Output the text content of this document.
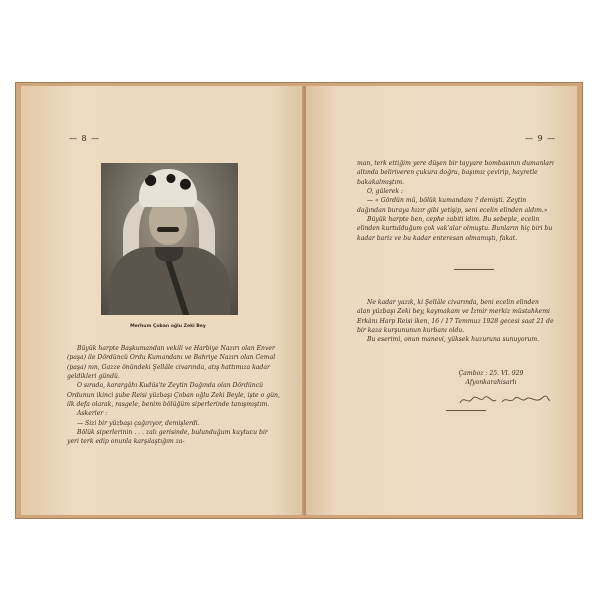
— 8 —
Merhum Çoban oğlu Zeki Bey

Büyük harpte Başkumandan vekili ve Harbiye Nazırı olan Enver (paşa) ile Dördüncü Ordu Kumandanı ve Bahriye Nazırı olan Cemal (paşa) nın, Gazze önündeki Şellâle civarında, atış hattımıza kadar geldikleri gündü.

O sırada, karargâhı Kudüs'te Zeytin Dağında olan Dördüncü Ordunun ikinci şube Reisi yüzbaşı Çoban oğlu Zeki Beyle, işte o gün, ilk defa olarak, rasgele, benim bölüğüm siperlerinde tanışmıştım.

Askerler :

— Sizi bir yüzbaşı çağırıyor, demişlerdi.

Bölük siperlerinin . . . zalı gerisinde, bulunduğum kuytucu bir yeri terk edip onunla karşılaştığım za-

— 9 —

man, terk ettiğim yere düşen bir tayyare bombasının dumanları altında beliriveren çukura doğru, başımız çevirip, hayretle bakakalmıştım.

O, gülerek :

— « Gördün mü, bölük kumandanı ? demişti. Zeytin dağından buraya hızır gibi yetişip, seni ecelin elinden aldım.»

Büyük harpte ben, cephe zabiti idim. Bu sebeple, ecelin elinden kurtulduğum çok vak'alar olmuştu. Bunların hiç biri bu kadar bariz ve bu kadar enteresan olmamıştı, fakat.

Ne kadar yazık, ki Şellâle civarında, beni ecelin elinden alan yüzbaşı Zeki bey, kaymakam ve İzmir merkiz müstahkemi Erkânı Harp Reisi iken, 16 / 17 Temmuz 1928 gecesi saat 21 de bir kaza kurşununun kurbanı oldu.

Bu eserimi, onun manevi, yüksek huzuruna sunuyorum.

Çamboz : 25. VI. 929
Afyonkarahisarlı
